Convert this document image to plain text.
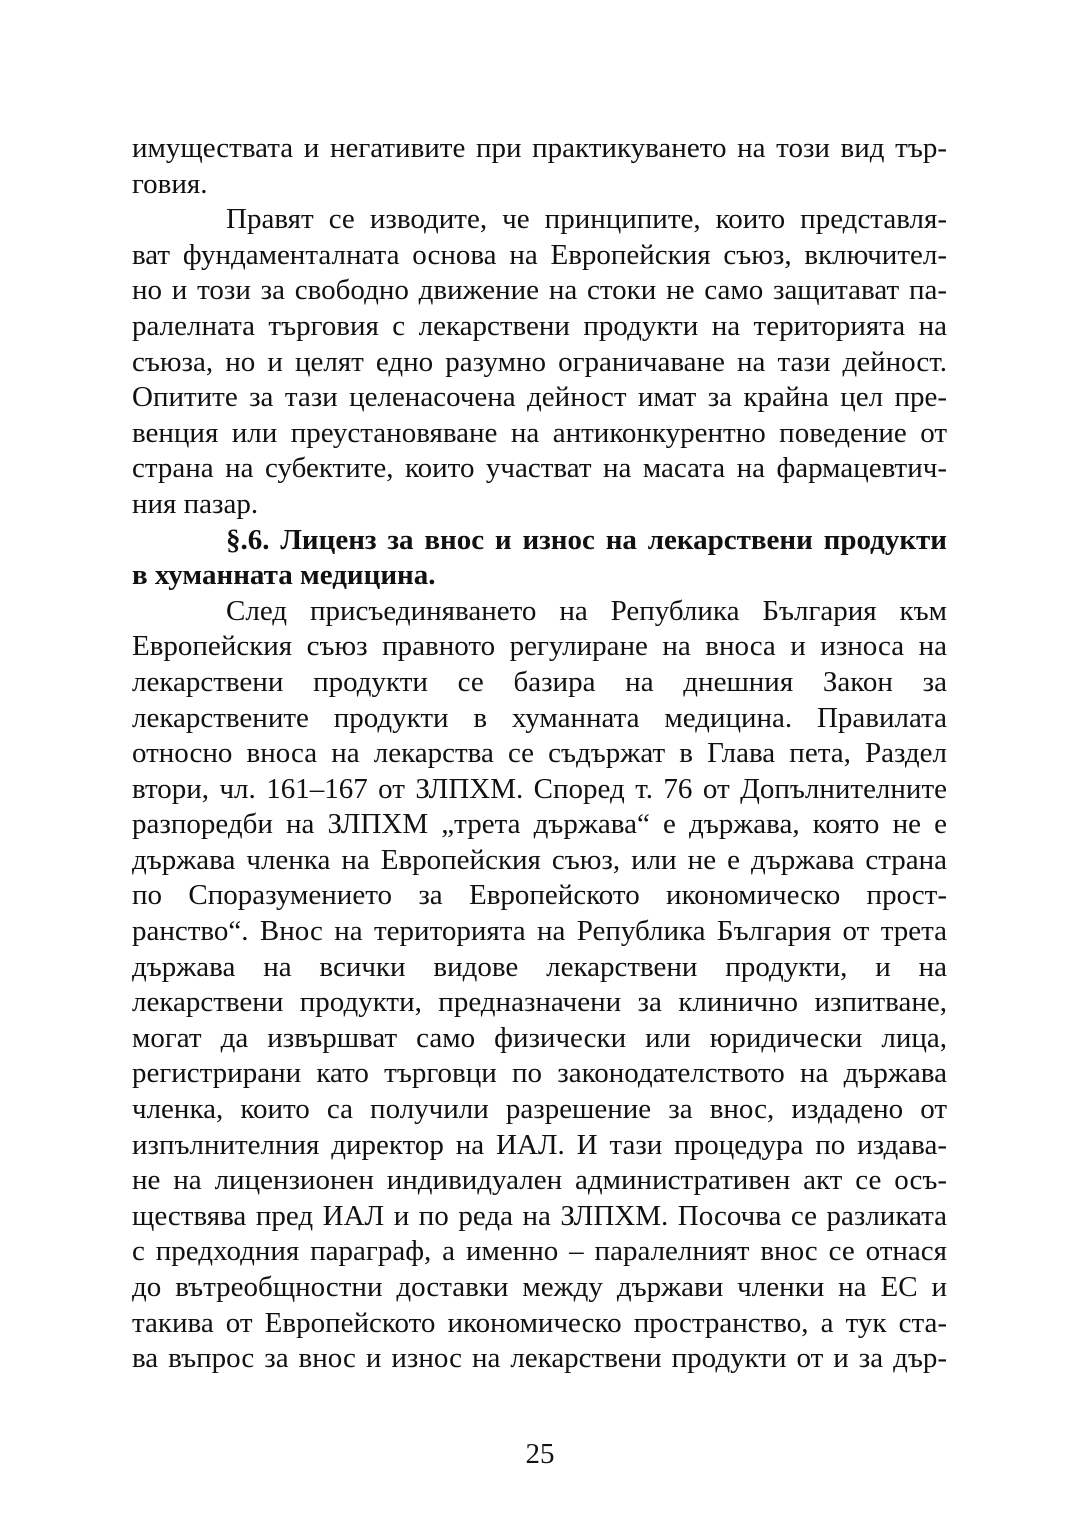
имуществата и негативите при практикуването на този вид тър-
говия.
Правят се изводите, че принципите, които представля-
ват фундаменталната основа на Европейския съюз, включител-
но и този за свободно движение на стоки не само защитават па-
ралелната търговия с лекарствени продукти на територията на
съюза, но и целят едно разумно ограничаване на тази дейност.
Опитите за тази целенасочена дейност имат за крайна цел пре-
венция или преустановяване на антиконкурентно поведение от
страна на субектите, които участват на масата на фармацевтич-
ния пазар.
§.6. Лиценз за внос и износ на лекарствени продукти
в хуманната медицина.
След присъединяването на Република България към
Европейския съюз правното регулиране на вноса и износа на
лекарствени продукти се базира на днешния Закон за
лекарствените продукти в хуманната медицина. Правилата
относно вноса на лекарства се съдържат в Глава пета, Раздел
втори, чл. 161–167 от ЗЛПХМ. Според т. 76 от Допълнителните
разпоредби на ЗЛПХМ „трета държава“ е държава, която не е
държава членка на Европейския съюз, или не е държава страна
по Споразумението за Европейското икономическо прост-
ранство“. Внос на територията на Република България от трета
държава на всички видове лекарствени продукти, и на
лекарствени продукти, предназначени за клинично изпитване,
могат да извършват само физически или юридически лица,
регистрирани като търговци по законодателството на държава
членка, които са получили разрешение за внос, издадено от
изпълнителния директор на ИАЛ. И тази процедура по издава-
не на лицензионен индивидуален административен акт се осъ-
ществява пред ИАЛ и по реда на ЗЛПХМ. Посочва се разликата
с предходния параграф, а именно – паралелният внос се отнася
до вътреобщностни доставки между държави членки на ЕС и
такива от Европейското икономическо пространство, а тук ста-
ва въпрос за внос и износ на лекарствени продукти от и за дър-
25
